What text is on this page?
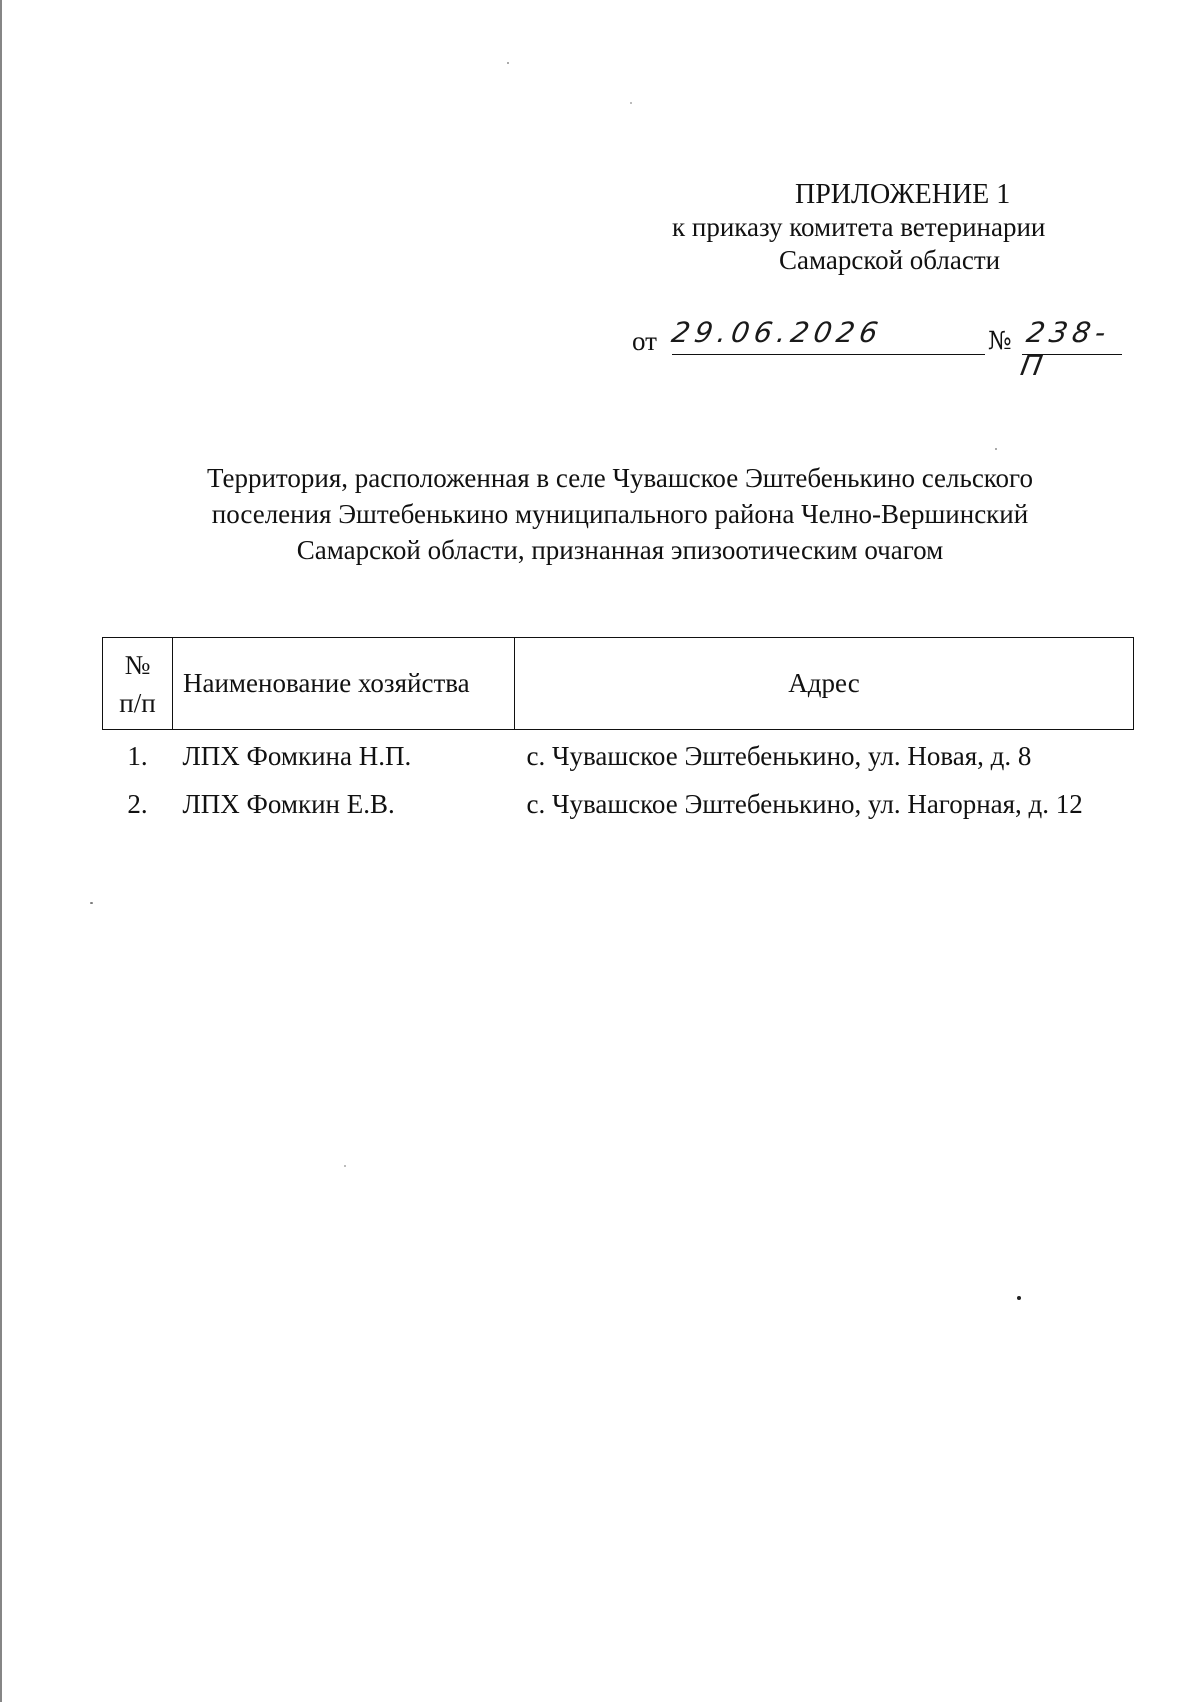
ПРИЛОЖЕНИЕ 1
к приказу комитета ветеринарии
Самарской области
от 29.06.2026	№ 238-П
Территория, расположенная в селе Чувашское Эштебенькино сельского
поселения Эштебенькино муниципального района Челно-Вершинский
Самарской области, признанная эпизоотическим очагом
№
п/п	Наименование хозяйства	Адрес
1.	ЛПХ Фомкина Н.П.	с. Чувашское Эштебенькино, ул. Новая, д. 8
2.	ЛПХ Фомкин Е.В.	с. Чувашское Эштебенькино, ул. Нагорная, д. 12
